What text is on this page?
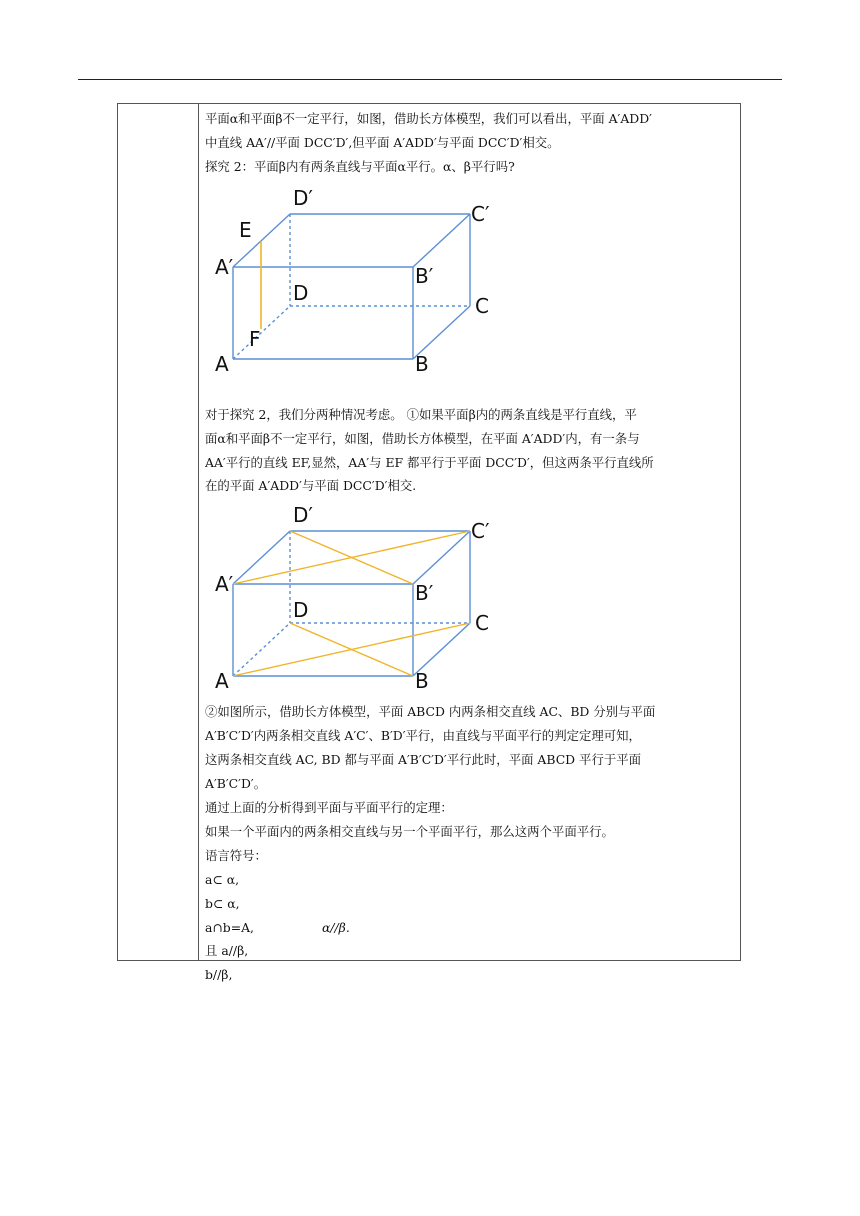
平面α和平面β不一定平行，如图，借助长方体模型，我们可以看出，平面 A′ADD′

中直线 AA′//平面 DCC′D′,但平面 A′ADD′与平面 DCC′D′相交。

探究 2：平面β内有两条直线与平面α平行。α、β平行吗?

D′
C′
E
A′	B′
D
C
F
A	B

对于探究 2，我们分两种情况考虑。 ①如果平面β内的两条直线是平行直线，平

面α和平面β不一定平行，如图，借助长方体模型，在平面 A′ADD′内，有一条与

AA′平行的直线 EF,显然，AA′与 EF 都平行于平面 DCC′D′，但这两条平行直线所

在的平面 A′ADD′与平面 DCC′D′相交.

D′
C′
A′	B′
D
C
A	B

②如图所示，借助长方体模型，平面 ABCD 内两条相交直线 AC、BD 分别与平面

A′B′C′D′内两条相交直线 A′C′、B′D′平行，由直线与平面平行的判定定理可知，

这两条相交直线 AC, BD 都与平面 A′B′C′D′平行此时，平面 ABCD 平行于平面

A′B′C′D′。

通过上面的分析得到平面与平面平行的定理：

如果一个平面内的两条相交直线与另一个平面平行，那么这两个平面平行。

语言符号：

a⊂ α,

b⊂ α,

a∩b=A,	α//β.

且 a//β,

b//β,
